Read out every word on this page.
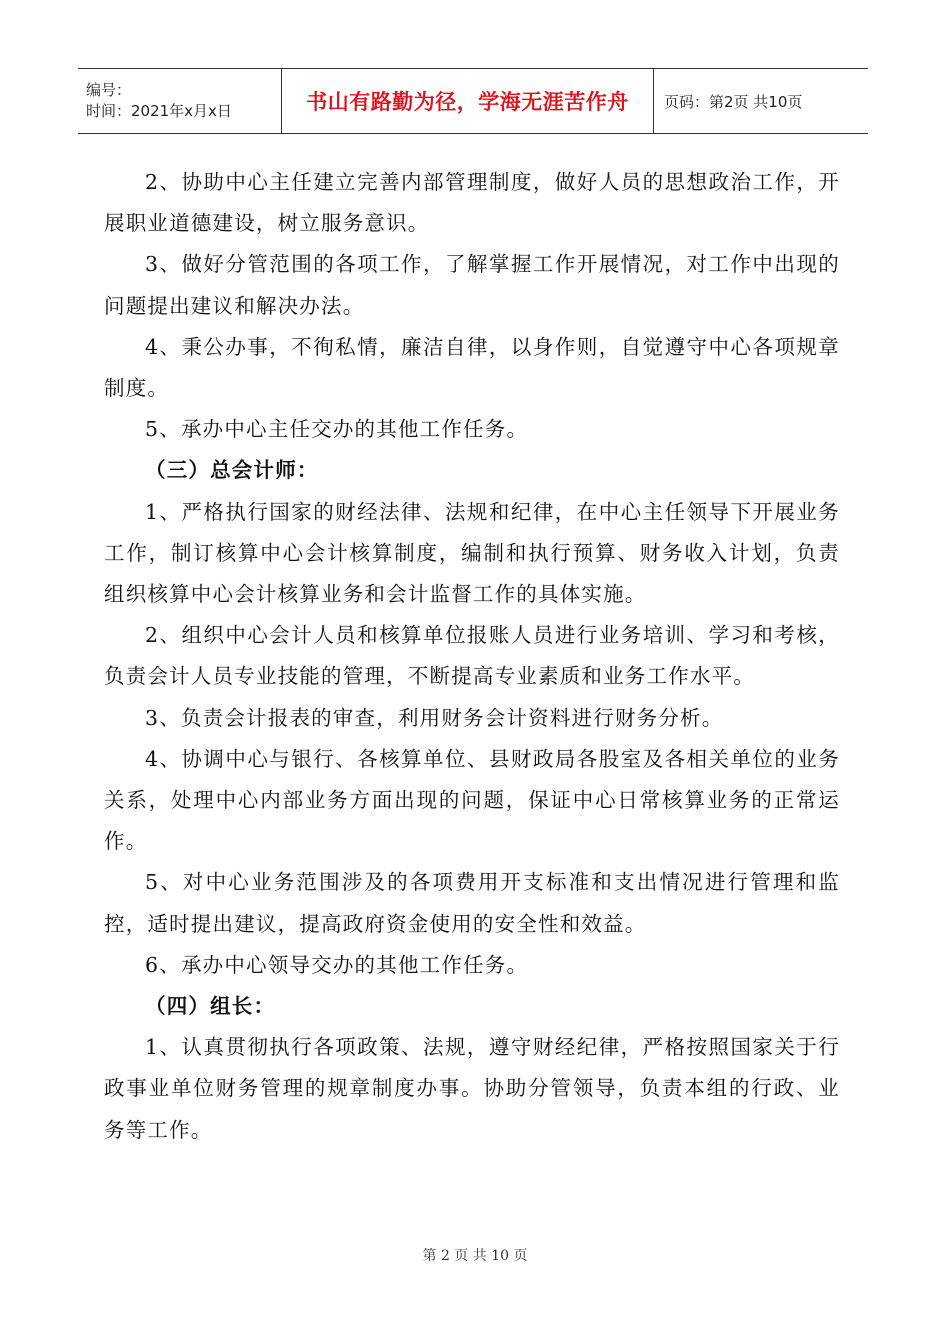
编号：
时间：2021年x月x日	书山有路勤为径，学海无涯苦作舟 页码：第2页 共10页

2、协助中心主任建立完善内部管理制度，做好人员的思想政治工作，开展职业道德建设，树立服务意识。

3、做好分管范围的各项工作，了解掌握工作开展情况，对工作中出现的问题提出建议和解决办法。

4、秉公办事，不徇私情，廉洁自律，以身作则，自觉遵守中心各项规章制度。

5、承办中心主任交办的其他工作任务。

（三）总会计师：

1、严格执行国家的财经法律、法规和纪律，在中心主任领导下开展业务工作，制订核算中心会计核算制度，编制和执行预算、财务收入计划，负责组织核算中心会计核算业务和会计监督工作的具体实施。

2、组织中心会计人员和核算单位报账人员进行业务培训、学习和考核，负责会计人员专业技能的管理，不断提高专业素质和业务工作水平。

3、负责会计报表的审查，利用财务会计资料进行财务分析。

4、协调中心与银行、各核算单位、县财政局各股室及各相关单位的业务关系，处理中心内部业务方面出现的问题，保证中心日常核算业务的正常运作。

5、对中心业务范围涉及的各项费用开支标准和支出情况进行管理和监控，适时提出建议，提高政府资金使用的安全性和效益。

6、承办中心领导交办的其他工作任务。

（四）组长：

1、认真贯彻执行各项政策、法规，遵守财经纪律，严格按照国家关于行政事业单位财务管理的规章制度办事。协助分管领导，负责本组的行政、业务等工作。

第 2 页 共 10 页
